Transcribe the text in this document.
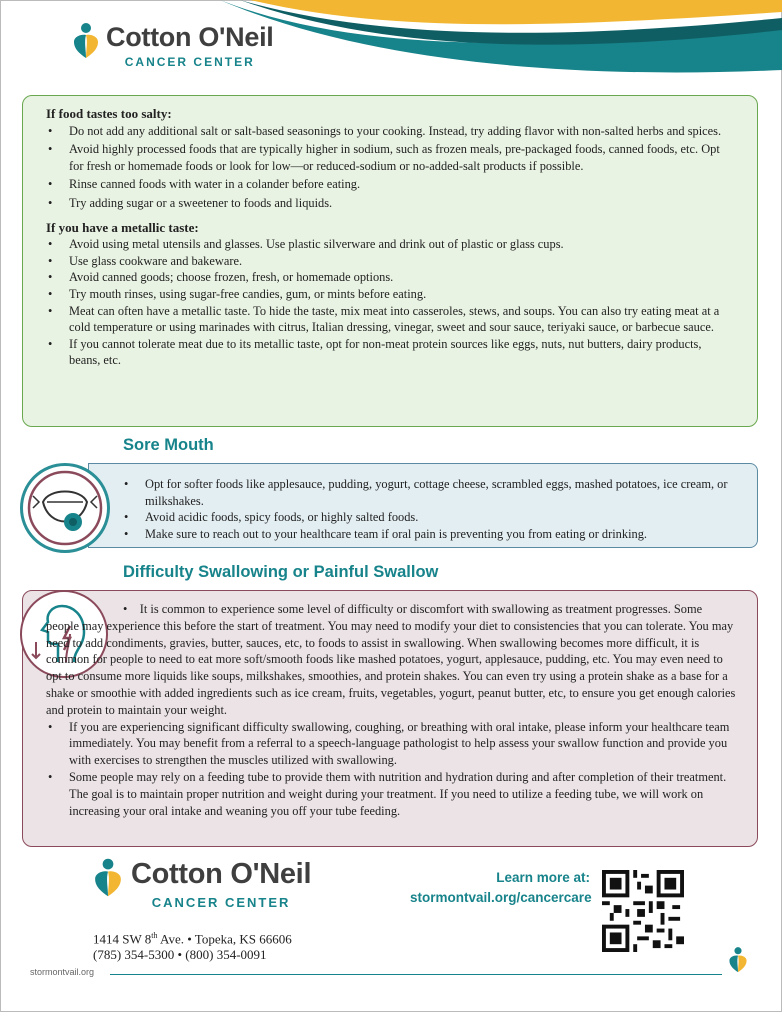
Cotton O'Neil
CANCER CENTER
If food tastes too salty:
• Do not add any additional salt or salt-based seasonings to your cooking. Instead, try adding flavor with non-salted herbs and spices.
• Avoid highly processed foods that are typically higher in sodium, such as frozen meals, pre-packaged foods, canned foods, etc. Opt for fresh or homemade foods or look for low—or reduced-sodium or no-added-salt products if possible.
• Rinse canned foods with water in a colander before eating.
• Try adding sugar or a sweetener to foods and liquids.
If you have a metallic taste:
• Avoid using metal utensils and glasses. Use plastic silverware and drink out of plastic or glass cups.
• Use glass cookware and bakeware.
• Avoid canned goods; choose frozen, fresh, or homemade options.
• Try mouth rinses, using sugar-free candies, gum, or mints before eating.
• Meat can often have a metallic taste. To hide the taste, mix meat into casseroles, stews, and soups. You can also try eating meat at a cold temperature or using marinades with citrus, Italian dressing, vinegar, sweet and sour sauce, teriyaki sauce, or barbecue sauce.
• If you cannot tolerate meat due to its metallic taste, opt for non-meat protein sources like eggs, nuts, nut butters, dairy products, beans, etc.
Sore Mouth
• Opt for softer foods like applesauce, pudding, yogurt, cottage cheese, scrambled eggs, mashed potatoes, ice cream, or milkshakes.
• Avoid acidic foods, spicy foods, or highly salted foods.
• Make sure to reach out to your healthcare team if oral pain is preventing you from eating or drinking.
Difficulty Swallowing or Painful Swallow

•    It is common to experience some level of difficulty or discomfort with swallowing as treatment progresses. Some people may experience this before the start of treatment. You may need to modify your diet to consistencies that you can tolerate. You may need to add condiments, gravies, butter, sauces, etc, to foods to assist in swallowing. When swallowing becomes more difficult, it is common for people to need to eat more soft/smooth foods like mashed potatoes, yogurt, applesauce, pudding, etc. You may even need to opt to consume more liquids like soups, milkshakes, smoothies, and protein shakes. You can even try using a protein shake as a base for a shake or smoothie with added ingredients such as ice cream, fruits, vegetables, yogurt, peanut butter, etc, to ensure you get enough calories and protein to maintain your weight.

• If you are experiencing significant difficulty swallowing, coughing, or breathing with oral intake, please inform your healthcare team immediately. You may benefit from a referral to a speech-language pathologist to help assess your swallow function and provide you with exercises to strengthen the muscles utilized with swallowing.
• Some people may rely on a feeding tube to provide them with nutrition and hydration during and after completion of their treatment. The goal is to maintain proper nutrition and weight during your treatment. If you need to utilize a feeding tube, we will work on increasing your oral intake and weaning you off your tube feeding.
Cotton O'Neil
CANCER CENTER
1414 SW 8th Ave. • Topeka, KS 66606
(785) 354-5300 • (800) 354-0091
Learn more at:
stormontvail.org/cancercare
stormontvail.org
